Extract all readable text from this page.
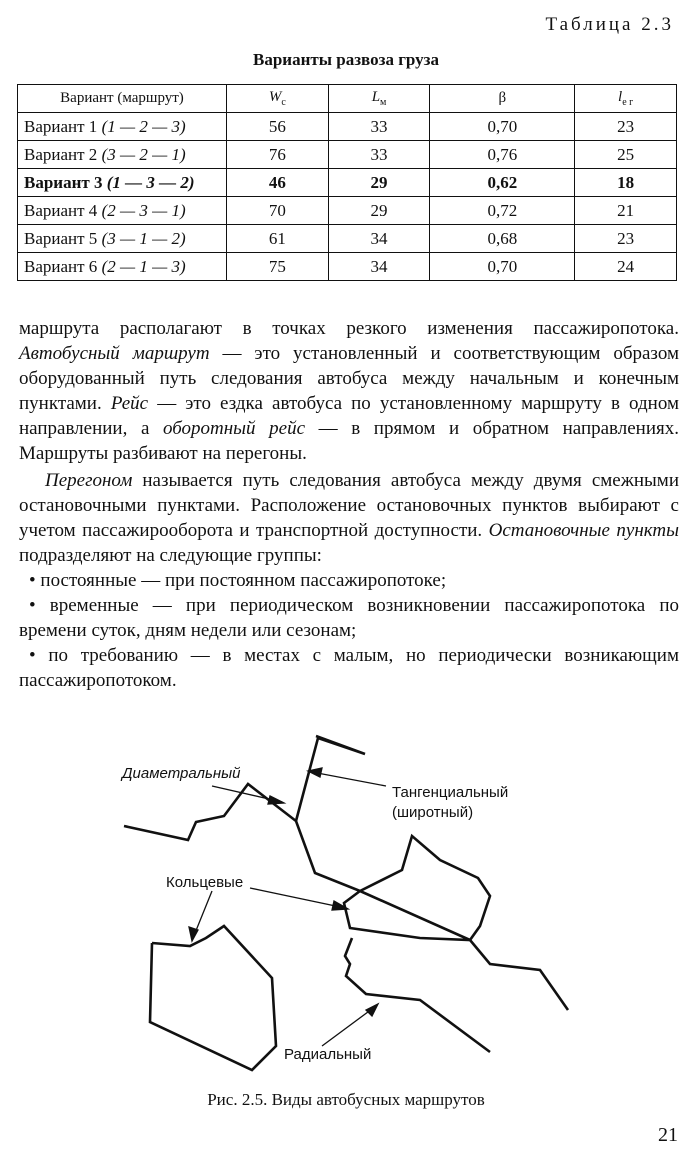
Таблица 2.3
Варианты развоза груза
Вариант (маршрут)	$W_c$	$L_м$	β	$l_{е г}$
Вариант 1 (1 — 2 — 3)	56	33	0,70	23
Вариант 2 (3 — 2 — 1)	76	33	0,76	25
Вариант 3 (1 — 3 — 2)	46	29	0,62	18
Вариант 4 (2 — 3 — 1)	70	29	0,72	21
Вариант 5 (3 — 1 — 2)	61	34	0,68	23
Вариант 6 (2 — 1 — 3)	75	34	0,70	24

маршрута располагают в точках резкого изменения пассажиропотока. Автобусный маршрут — это установленный и соответствующим образом оборудованный путь следования автобуса между начальным и конечным пунктами. Рейс — это ездка автобуса по установленному маршруту в одном направлении, а оборотный рейс — в прямом и обратном направлениях. Маршруты разбивают на перегоны.

Перегоном называется путь следования автобуса между двумя смежными остановочными пунктами. Расположение остановочных пунктов выбирают с учетом пассажирооборота и транспортной доступности. Остановочные пункты подразделяют на следующие группы:

• постоянные — при постоянном пассажиропотоке;

• временные — при периодическом возникновении пассажиропотока по времени суток, дням недели или сезонам;

• по требованию — в местах с малым, но периодически возникающим пассажиропотоком.

Диаметральный
Тангенциальный
(широтный)
Кольцевые
Радиальный
Рис. 2.5. Виды автобусных маршрутов
21
